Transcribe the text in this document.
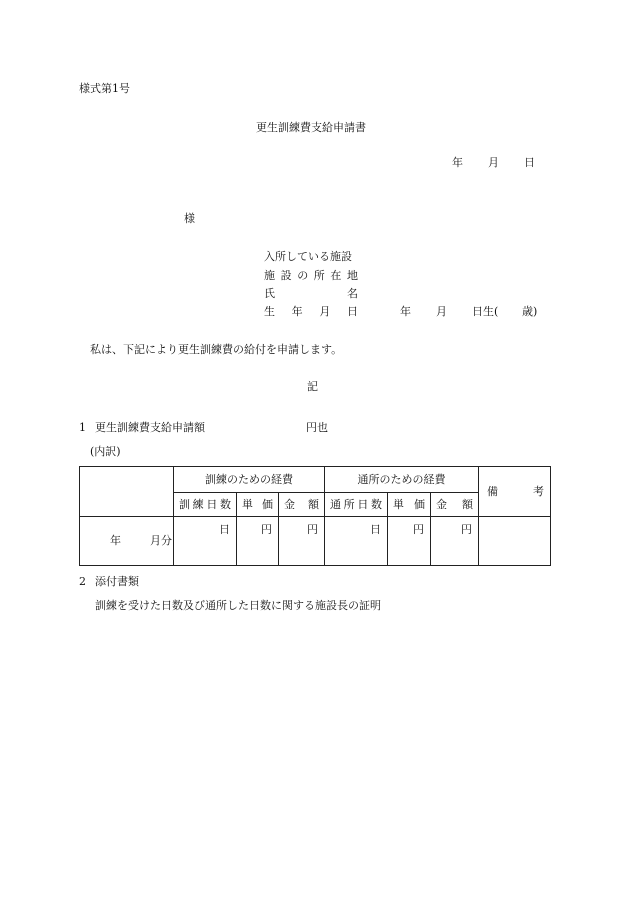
様式第1号
更生訓練費支給申請書
年 月 日
様
入所している施設
施 設 の 所 在 地
氏	名
生 年 月 日	年 月 日生( 歳)
私は、下記により更生訓練費の給付を申請します。
記
1 更生訓練費支給申請額	円也
(内訳)
	訓練のための経費			通所のための経費			備 考

	訓 練 日 数	単 価	金 額	通 所 日 数	単 価	金 額	

年 月分	日	円	円	日	円	円	
2 添付書類
訓練を受けた日数及び通所した日数に関する施設長の証明
